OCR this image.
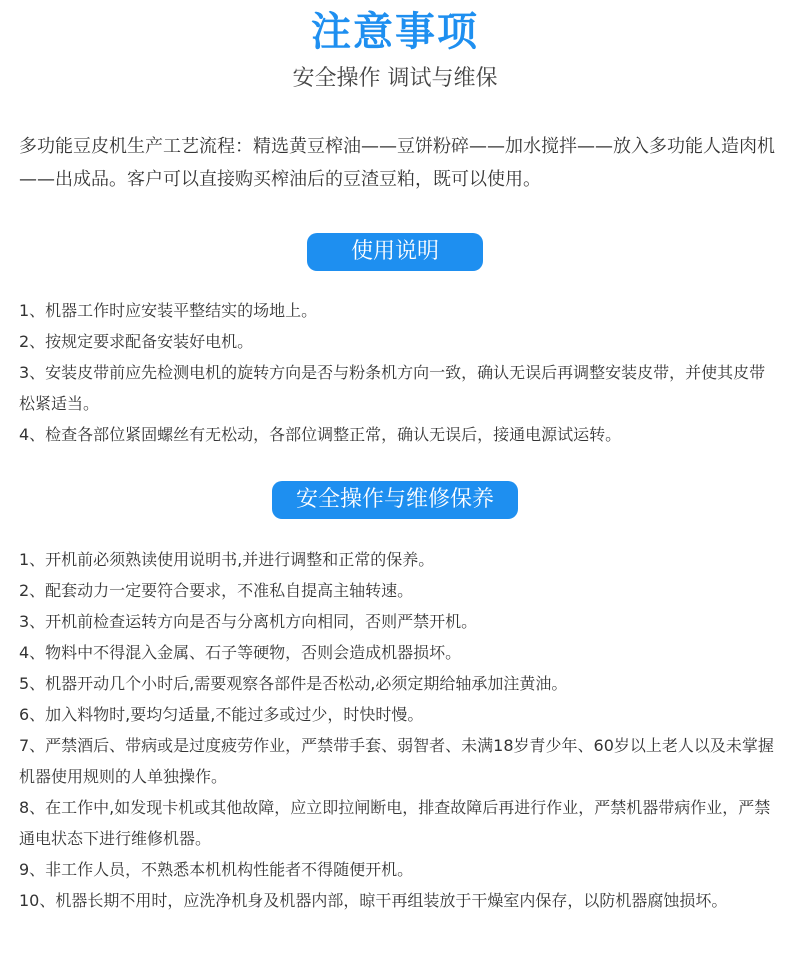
注意事项
安全操作 调试与维保
多功能豆皮机生产工艺流程：精选黄豆榨油——豆饼粉碎——加水搅拌——放入多功能人造肉机——出成品。客户可以直接购买榨油后的豆渣豆粕，既可以使用。
使用说明
1、机器工作时应安装平整结实的场地上。
2、按规定要求配备安装好电机。
3、安装皮带前应先检测电机的旋转方向是否与粉条机方向一致，确认无误后再调整安装皮带，并使其皮带松紧适当。
4、检查各部位紧固螺丝有无松动，各部位调整正常，确认无误后，接通电源试运转。
安全操作与维修保养
1、开机前必须熟读使用说明书,并进行调整和正常的保养。
2、配套动力一定要符合要求，不准私自提高主轴转速。
3、开机前检查运转方向是否与分离机方向相同，否则严禁开机。
4、物料中不得混入金属、石子等硬物，否则会造成机器损坏。
5、机器开动几个小时后,需要观察各部件是否松动,必须定期给轴承加注黄油。
6、加入料物时,要均匀适量,不能过多或过少，时快时慢。
7、严禁酒后、带病或是过度疲劳作业，严禁带手套、弱智者、未满18岁青少年、60岁以上老人以及未掌握机器使用规则的人单独操作。
8、在工作中,如发现卡机或其他故障，应立即拉闸断电，排查故障后再进行作业，严禁机器带病作业，严禁通电状态下进行维修机器。
9、非工作人员，不熟悉本机机构性能者不得随便开机。
10、机器长期不用时，应洗净机身及机器内部，晾干再组装放于干燥室内保存，以防机器腐蚀损坏。
